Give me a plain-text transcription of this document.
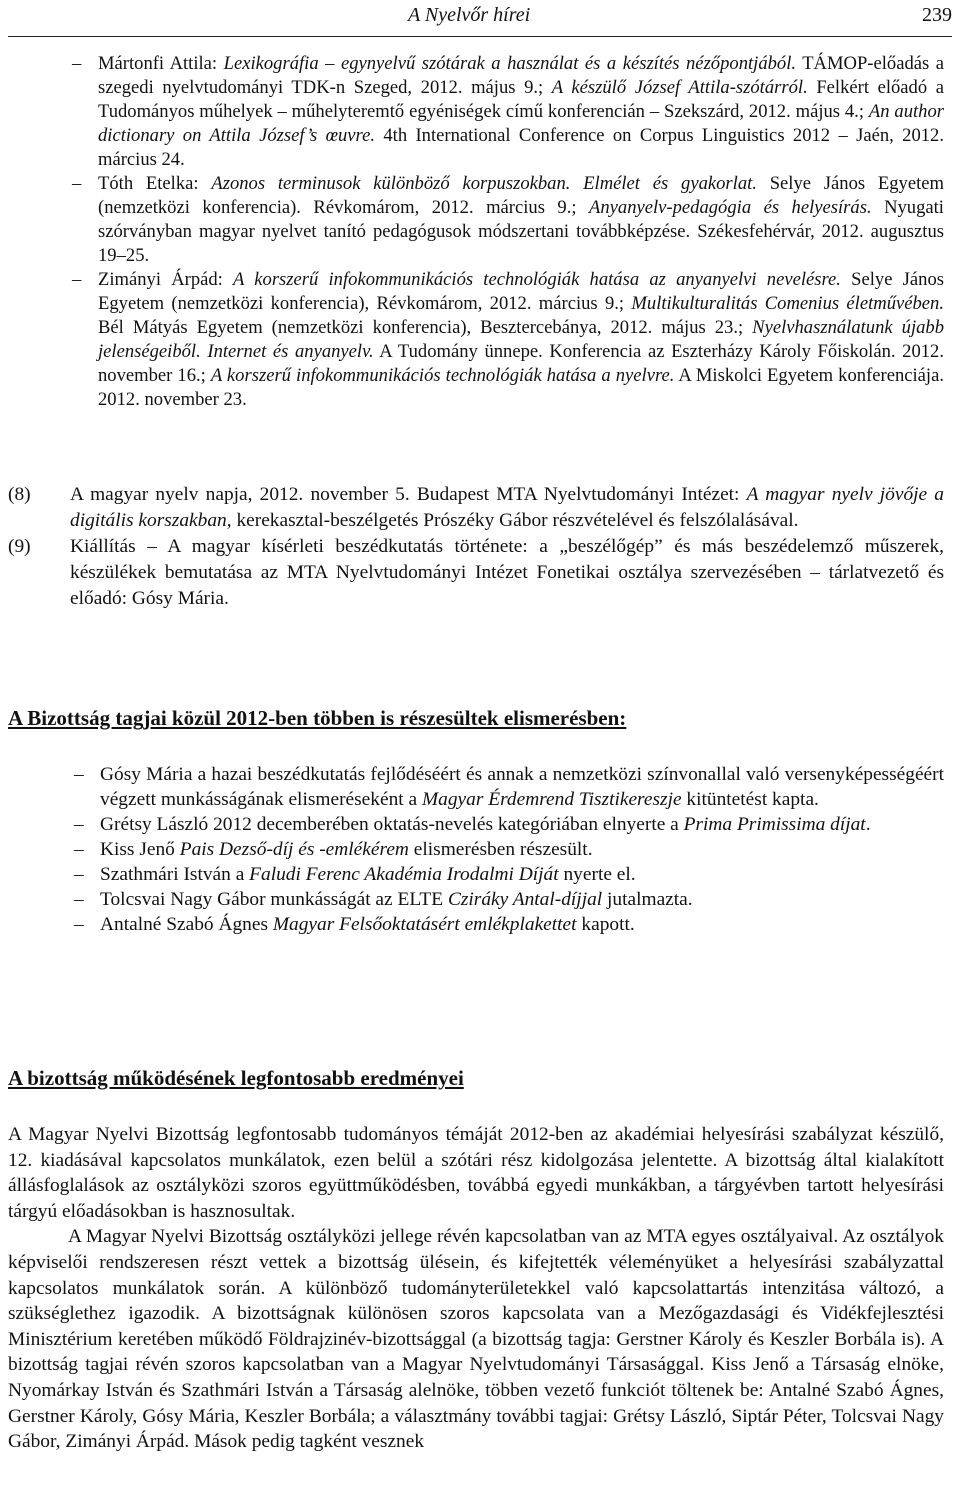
A Nyelvőr hírei	239
– Mártonfi Attila: Lexikográfia – egynyelvű szótárak a használat és a készítés nézőpontjából. TÁMOP-előadás a szegedi nyelvtudományi TDK-n Szeged, 2012. május 9.; A készülő József Attila-szótárról. Felkért előadó a Tudományos műhelyek – műhelyteremtő egyéniségek című konferencián – Szekszárd, 2012. május 4.; An author dictionary on Attila József’s œuvre. 4th International Conference on Corpus Linguistics 2012 – Jaén, 2012. március 24.
– Tóth Etelka: Azonos terminusok különböző korpuszokban. Elmélet és gyakorlat. Selye János Egyetem (nemzetközi konferencia). Révkomárom, 2012. március 9.; Anyanyelv-pedagógia és helyesírás. Nyugati szórványban magyar nyelvet tanító pedagógusok módszertani továbbképzése. Székesfehérvár, 2012. augusztus 19–25.
– Zimányi Árpád: A korszerű infokommunikációs technológiák hatása az anyanyelvi nevelésre. Selye János Egyetem (nemzetközi konferencia), Révkomárom, 2012. március 9.; Multikulturalitás Comenius életművében. Bél Mátyás Egyetem (nemzetközi konferencia), Besztercebánya, 2012. május 23.; Nyelvhasználatunk újabb jelenségeiből. Internet és anyanyelv. A Tudomány ünnepe. Konferencia az Eszterházy Károly Főiskolán. 2012. november 16.; A korszerű infokommunikációs technológiák hatása a nyelvre. A Miskolci Egyetem konferenciája. 2012. november 23.
(8) A magyar nyelv napja, 2012. november 5. Budapest MTA Nyelvtudományi Intézet: A magyar nyelv jövője a digitális korszakban, kerekasztal-beszélgetés Prószéky Gábor részvételével és felszólalásával.
(9) Kiállítás – A magyar kísérleti beszédkutatás története: a „beszélőgép” és más beszédelemző műszerek, készülékek bemutatása az MTA Nyelvtudományi Intézet Fonetikai osztálya szervezésében – tárlatvezető és előadó: Gósy Mária.
A Bizottság tagjai közül 2012-ben többen is részesültek elismerésben:
– Gósy Mária a hazai beszédkutatás fejlődéséért és annak a nemzetközi színvonallal való versenyképességéért végzett munkásságának elismeréseként a Magyar Érdemrend Tisztikereszje kitüntetést kapta.
– Grétsy László 2012 decemberében oktatás-nevelés kategóriában elnyerte a Prima Primissima díjat.
– Kiss Jenő Pais Dezső-díj és -emlékérem elismerésben részesült.
– Szathmári István a Faludi Ferenc Akadémia Irodalmi Díját nyerte el.
– Tolcsvai Nagy Gábor munkásságát az ELTE Cziráky Antal-díjjal jutalmazta.
– Antalné Szabó Ágnes Magyar Felsőoktatásért emlékplakettet kapott.
A bizottság működésének legfontosabb eredményei
A Magyar Nyelvi Bizottság legfontosabb tudományos témáját 2012-ben az akadémiai helyesírási szabályzat készülő, 12. kiadásával kapcsolatos munkálatok, ezen belül a szótári rész kidolgozása jelentette. A bizottság által kialakított állásfoglalások az osztályközi szoros együttműködésben, továbbá egyedi munkákban, a tárgyévben tartott helyesírási tárgyú előadásokban is hasznosultak.
A Magyar Nyelvi Bizottság osztályközi jellege révén kapcsolatban van az MTA egyes osztályaival. Az osztályok képviselői rendszeresen részt vettek a bizottság ülésein, és kifejtették véleményüket a helyesírási szabályzattal kapcsolatos munkálatok során. A különböző tudományterületekkel való kapcsolattartás intenzitása változó, a szükséglethez igazodik. A bizottságnak különösen szoros kapcsolata van a Mezőgazdasági és Vidékfejlesztési Minisztérium keretében működő Földrajzinév-bizottsággal (a bizottság tagja: Gerstner Károly és Keszler Borbála is). A bizottság tagjai révén szoros kapcsolatban van a Magyar Nyelvtudományi Társasággal. Kiss Jenő a Társaság elnöke, Nyomárkay István és Szathmári István a Társaság alelnöke, többen vezető funkciót töltenek be: Antalné Szabó Ágnes, Gerstner Károly, Gósy Mária, Keszler Borbála; a választmány további tagjai: Grétsy László, Siptár Péter, Tolcsvai Nagy Gábor, Zimányi Árpád. Mások pedig tagként vesznek
